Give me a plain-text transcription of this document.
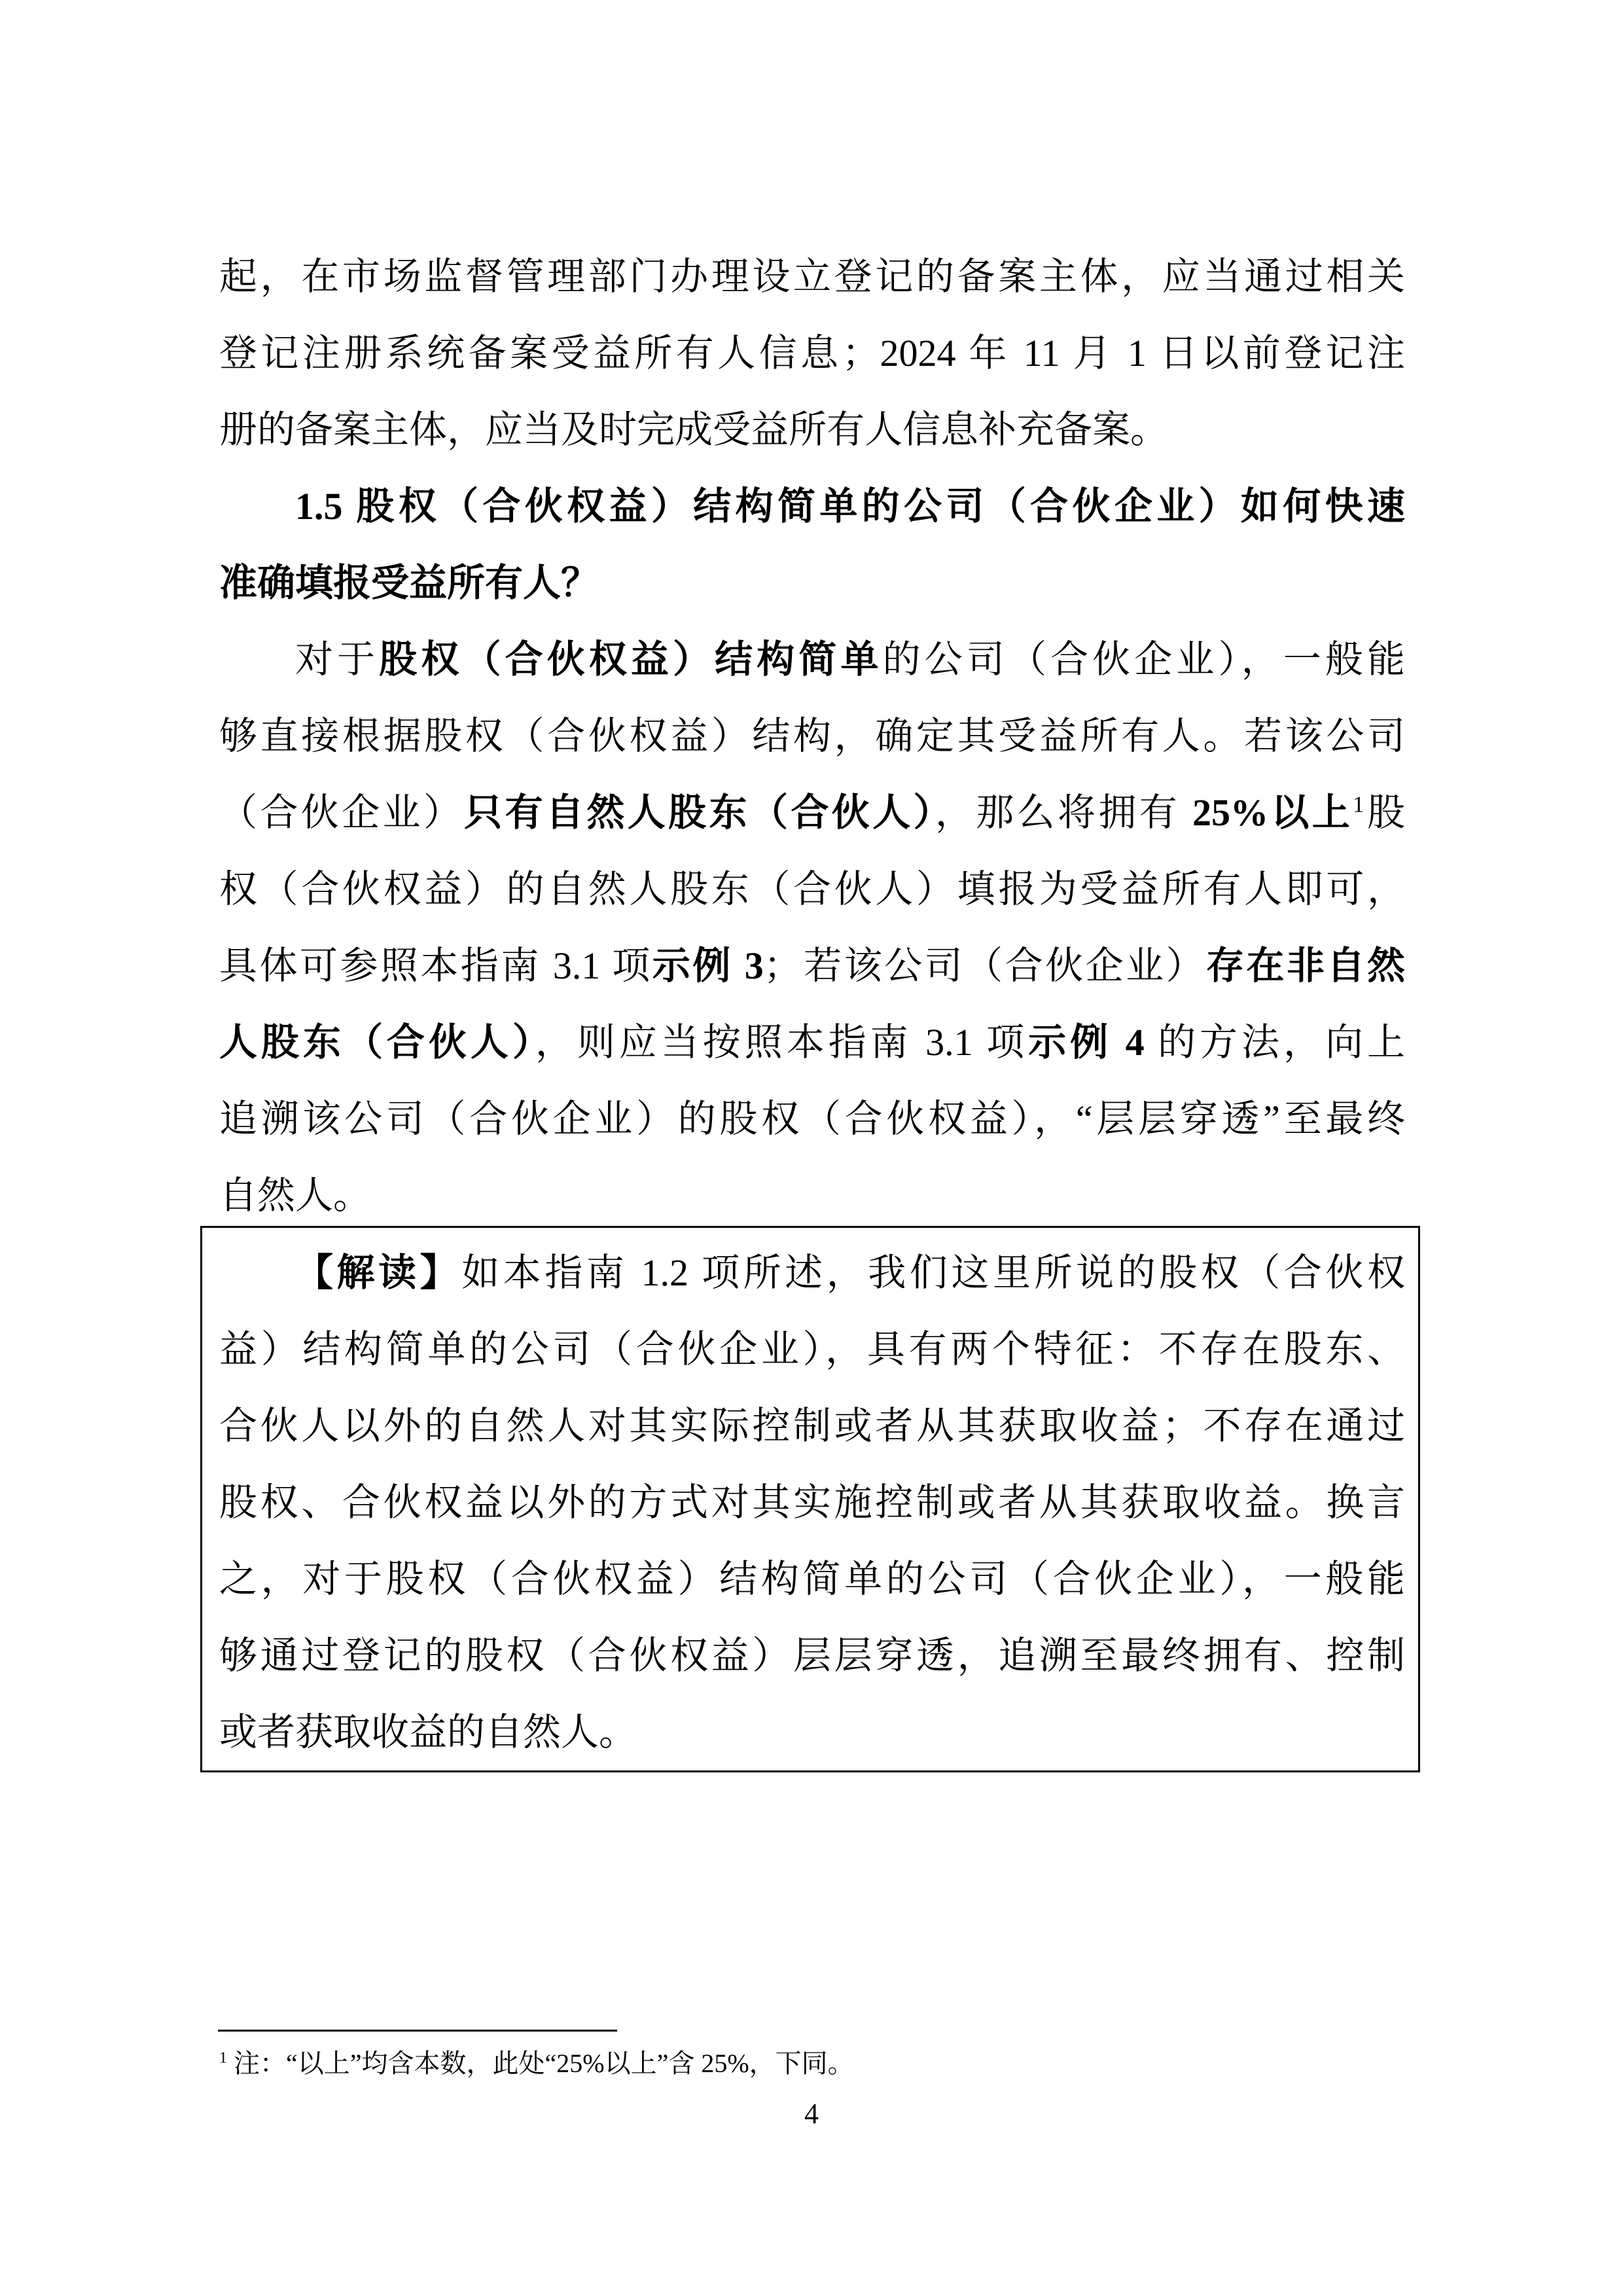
起，在市场监督管理部门办理设立登记的备案主体，应当通过相关
登记注册系统备案受益所有人信息；2024 年 11 月 1 日以前登记注
册的备案主体，应当及时完成受益所有人信息补充备案。
1.5 股权（合伙权益）结构简单的公司（合伙企业）如何快速
准确填报受益所有人？
对于股权（合伙权益）结构简单的公司（合伙企业），一般能
够直接根据股权（合伙权益）结构，确定其受益所有人。若该公司
（合伙企业）只有自然人股东（合伙人），那么将拥有 25%以上$^1$股
权（合伙权益）的自然人股东（合伙人）填报为受益所有人即可，
具体可参照本指南 3.1 项示例 3；若该公司（合伙企业）存在非自然
人股东（合伙人），则应当按照本指南 3.1 项示例 4 的方法，向上
追溯该公司（合伙企业）的股权（合伙权益），“层层穿透”至最终
自然人。
【解读】如本指南 1.2 项所述，我们这里所说的股权（合伙权
益）结构简单的公司（合伙企业），具有两个特征：不存在股东、
合伙人以外的自然人对其实际控制或者从其获取收益；不存在通过
股权、合伙权益以外的方式对其实施控制或者从其获取收益。换言
之，对于股权（合伙权益）结构简单的公司（合伙企业），一般能
够通过登记的股权（合伙权益）层层穿透，追溯至最终拥有、控制
或者获取收益的自然人。
$^1$ 注：“以上”均含本数，此处“25%以上”含 25%，下同。
4
